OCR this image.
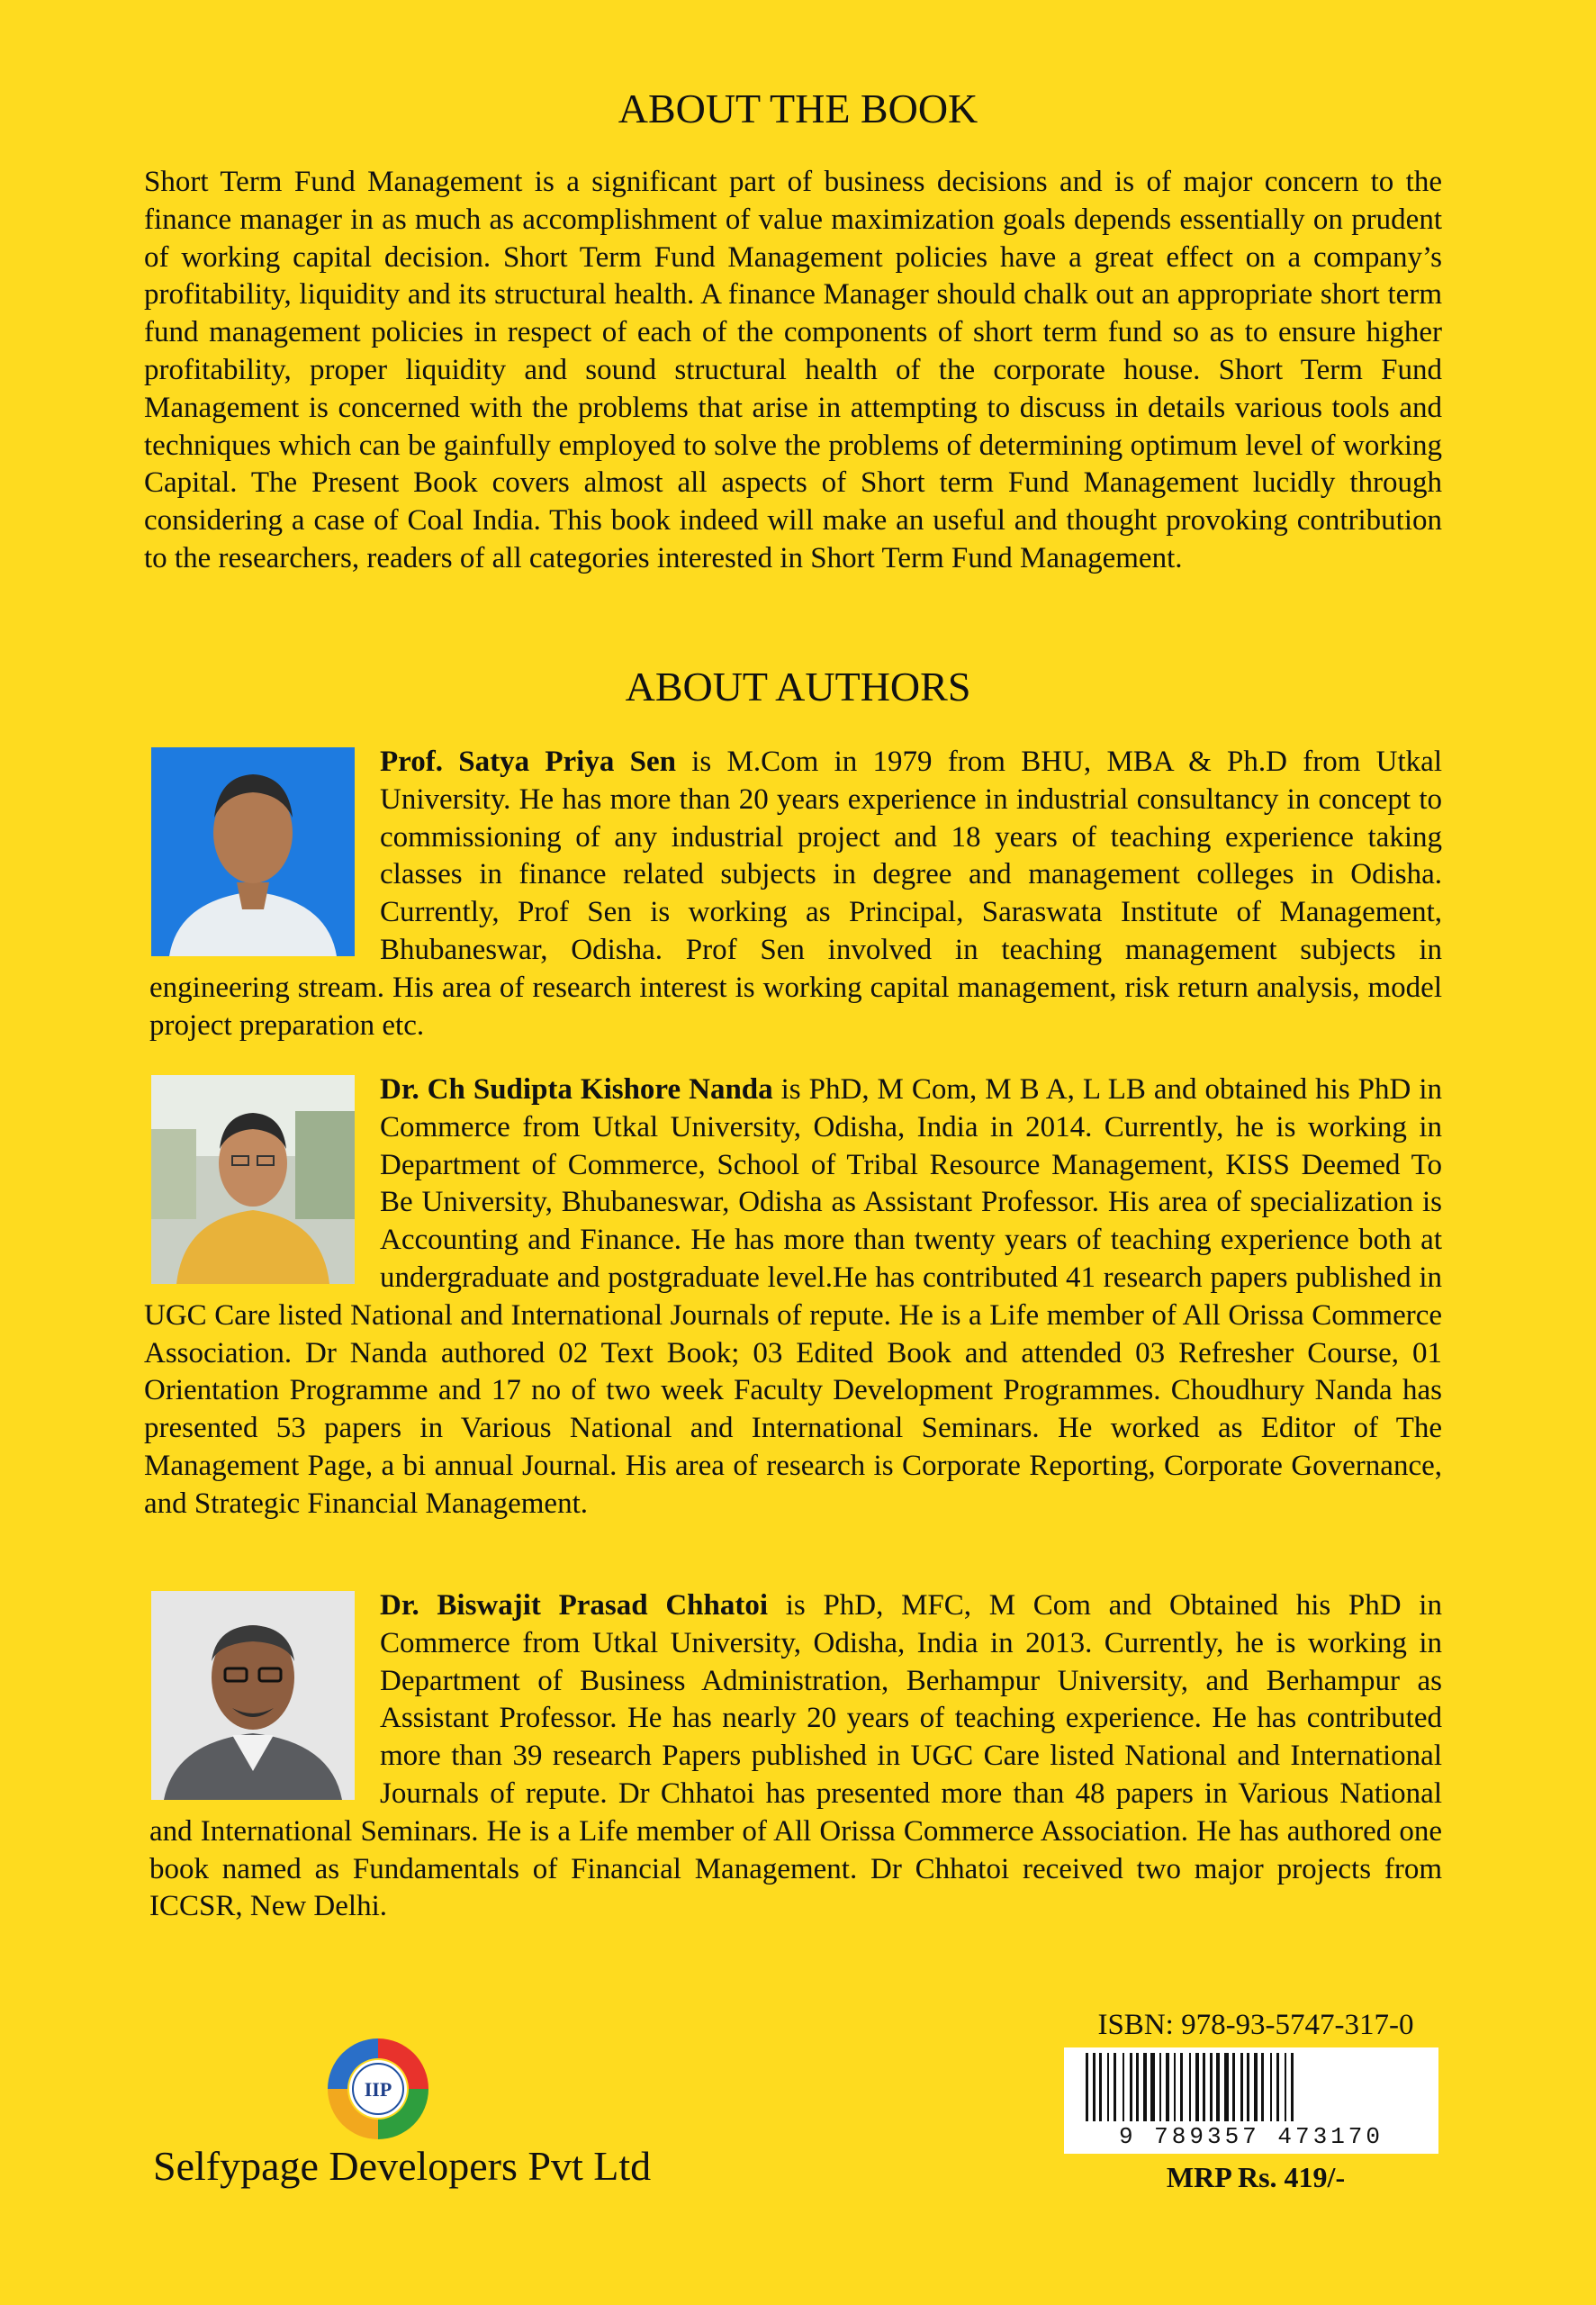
ABOUT THE BOOK

Short Term Fund Management is a significant part of business decisions and is of major concern to the finance manager in as much as accomplishment of value maximization goals depends essentially on prudent of working capital decision. Short Term Fund Management policies have a great effect on a company’s profitability, liquidity and its structural health. A finance Manager should chalk out an appropriate short term fund management policies in respect of each of the components of short term fund so as to ensure higher profitability, proper liquidity and sound structural health of the corporate house. Short Term Fund Management is concerned with the problems that arise in attempting to discuss in details various tools and techniques which can be gainfully employed to solve the problems of determining optimum level of working Capital. The Present Book covers almost all aspects of Short term Fund Management lucidly through considering a case of Coal India. This book indeed will make an useful and thought provoking contribution to the researchers, readers of all categories interested in Short Term Fund Management.

ABOUT AUTHORS

Prof. Satya Priya Sen is M.Com in 1979 from BHU, MBA & Ph.D from Utkal University. He has more than 20 years experience in industrial consultancy in concept to commissioning of any industrial project and 18 years of teaching experience taking classes in finance related subjects in degree and management colleges in Odisha. Currently, Prof Sen is working as Principal, Saraswata Institute of Management, Bhubaneswar, Odisha. Prof Sen involved in teaching management subjects in engineering stream. His area of research interest is working capital management, risk return analysis, model project preparation etc.

Dr. Ch Sudipta Kishore Nanda is PhD, M Com, M B A, L LB and obtained his PhD in Commerce from Utkal University, Odisha, India in 2014. Currently, he is working in Department of Commerce, School of Tribal Resource Management, KISS Deemed To Be University, Bhubaneswar, Odisha as Assistant Professor. His area of specialization is Accounting and Finance. He has more than twenty years of teaching experience both at undergraduate and postgraduate level.He has contributed 41 research papers published in UGC Care listed National and International Journals of repute. He is a Life member of All Orissa Commerce Association. Dr Nanda authored 02 Text Book; 03 Edited Book and attended 03 Refresher Course, 01 Orientation Programme and 17 no of two week Faculty Development Programmes. Choudhury Nanda has presented 53 papers in Various National and International Seminars. He worked as Editor of The Management Page, a bi annual Journal. His area of research is Corporate Reporting, Corporate Governance, and Strategic Financial Management.

Dr. Biswajit Prasad Chhatoi is PhD, MFC, M Com and Obtained his PhD in Commerce from Utkal University, Odisha, India in 2013. Currently, he is working in Department of Business Administration, Berhampur University, and Berhampur as Assistant Professor. He has nearly 20 years of teaching experience. He has contributed more than 39 research Papers published in UGC Care listed National and International Journals of repute. Dr Chhatoi has presented more than 48 papers in Various National and International Seminars. He is a Life member of All Orissa Commerce Association. He has authored one book named as Fundamentals of Financial Management. Dr Chhatoi received two major projects from ICCSR, New Delhi.

IIP
Selfypage Developers Pvt Ltd
ISBN: 978-93-5747-317-0
9 789357 473170
MRP Rs. 419/-
